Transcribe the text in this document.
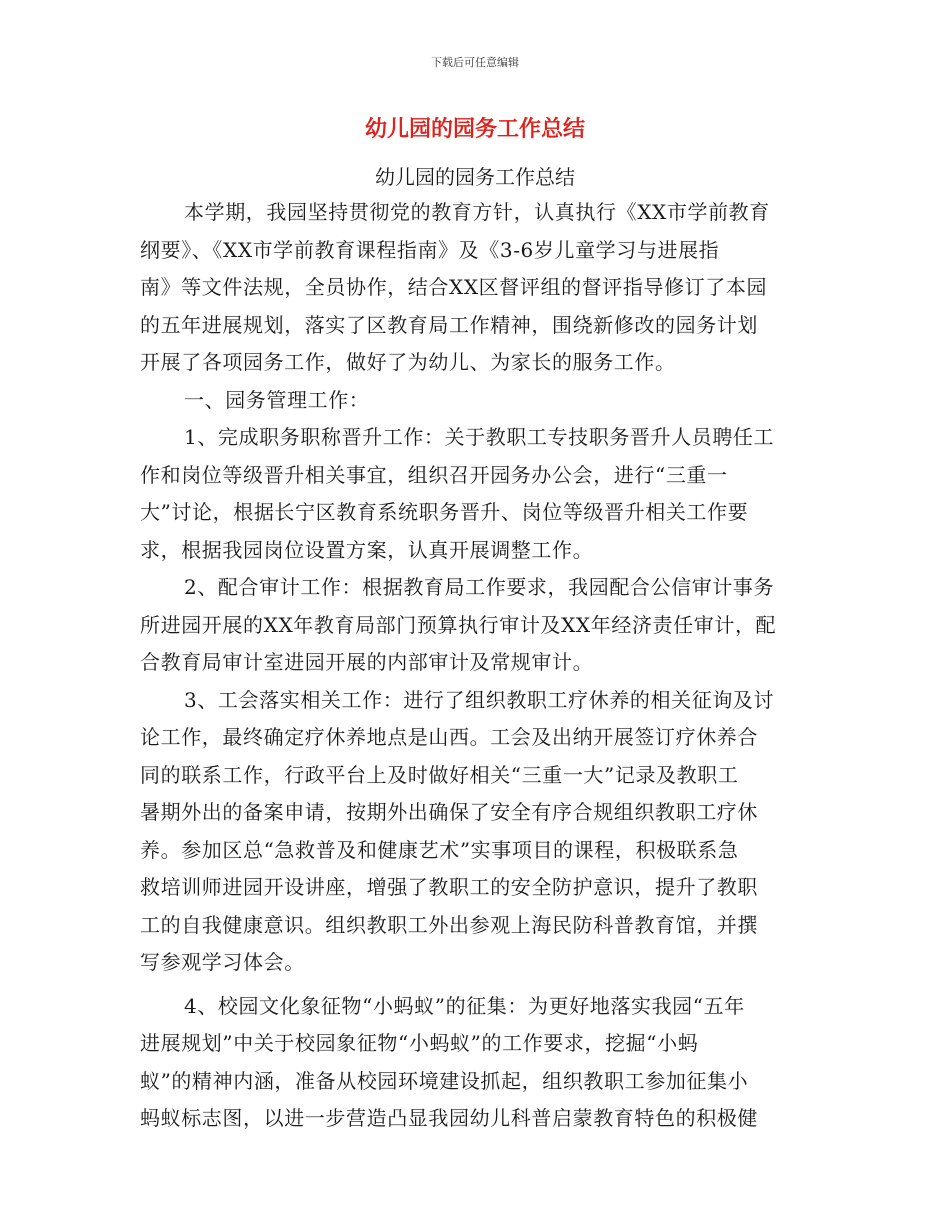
下载后可任意编辑
幼儿园的园务工作总结
幼儿园的园务工作总结
本学期，我园坚持贯彻党的教育方针，认真执行《XX市学前教育
纲要》、《XX市学前教育课程指南》及《3-6岁儿童学习与进展指
南》等文件法规，全员协作，结合XX区督评组的督评指导修订了本园
的五年进展规划，落实了区教育局工作精神，围绕新修改的园务计划
开展了各项园务工作，做好了为幼儿、为家长的服务工作。
一、园务管理工作：
1、完成职务职称晋升工作：关于教职工专技职务晋升人员聘任工
作和岗位等级晋升相关事宜，组织召开园务办公会，进行“三重一
大”讨论，根据长宁区教育系统职务晋升、岗位等级晋升相关工作要
求，根据我园岗位设置方案，认真开展调整工作。
2、配合审计工作：根据教育局工作要求，我园配合公信审计事务
所进园开展的XX年教育局部门预算执行审计及XX年经济责任审计，配
合教育局审计室进园开展的内部审计及常规审计。
3、工会落实相关工作：进行了组织教职工疗休养的相关征询及讨
论工作，最终确定疗休养地点是山西。工会及出纳开展签订疗休养合
同的联系工作，行政平台上及时做好相关“三重一大”记录及教职工
暑期外出的备案申请，按期外出确保了安全有序合规组织教职工疗休
养。参加区总“急救普及和健康艺术”实事项目的课程，积极联系急
救培训师进园开设讲座，增强了教职工的安全防护意识，提升了教职
工的自我健康意识。组织教职工外出参观上海民防科普教育馆，并撰
写参观学习体会。
4、校园文化象征物“小蚂蚁”的征集：为更好地落实我园“五年
进展规划”中关于校园象征物“小蚂蚁”的工作要求，挖掘“小蚂
蚁”的精神内涵，准备从校园环境建设抓起，组织教职工参加征集小
蚂蚁标志图，以进一步营造凸显我园幼儿科普启蒙教育特色的积极健
